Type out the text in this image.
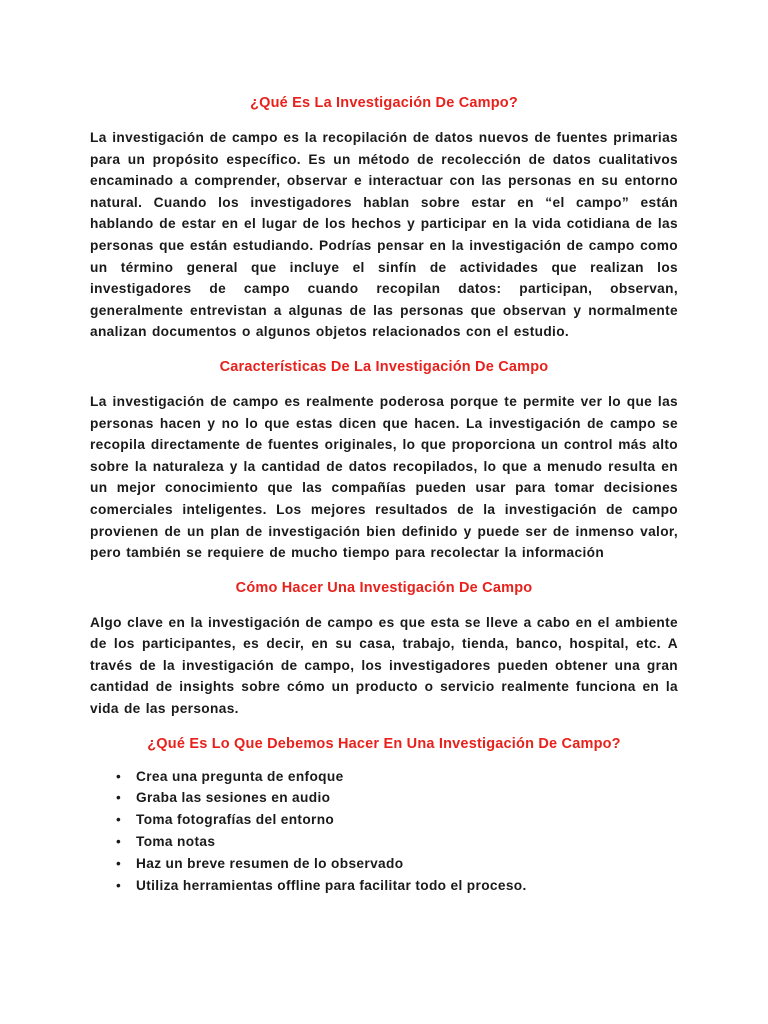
¿Qué Es La Investigación De Campo?

La investigación de campo es la recopilación de datos nuevos de fuentes primarias para un propósito específico. Es un método de recolección de datos cualitativos encaminado a comprender, observar e interactuar con las personas en su entorno natural. Cuando los investigadores hablan sobre estar en “el campo” están hablando de estar en el lugar de los hechos y participar en la vida cotidiana de las personas que están estudiando. Podrías pensar en la investigación de campo como un término general que incluye el sinfín de actividades que realizan los investigadores de campo cuando recopilan datos: participan, observan, generalmente entrevistan a algunas de las personas que observan y normalmente analizan documentos o algunos objetos relacionados con el estudio.

Características De La Investigación De Campo

La investigación de campo es realmente poderosa porque te permite ver lo que las personas hacen y no lo que estas dicen que hacen. La investigación de campo se recopila directamente de fuentes originales, lo que proporciona un control más alto sobre la naturaleza y la cantidad de datos recopilados, lo que a menudo resulta en un mejor conocimiento que las compañías pueden usar para tomar decisiones comerciales inteligentes. Los mejores resultados de la investigación de campo provienen de un plan de investigación bien definido y puede ser de inmenso valor, pero también se requiere de mucho tiempo para recolectar la información

Cómo Hacer Una Investigación De Campo

Algo clave en la investigación de campo es que esta se lleve a cabo en el ambiente de los participantes, es decir, en su casa, trabajo, tienda, banco, hospital, etc. A través de la investigación de campo, los investigadores pueden obtener una gran cantidad de insights sobre cómo un producto o servicio realmente funciona en la vida de las personas.

¿Qué Es Lo Que Debemos Hacer En Una Investigación De Campo?
• Crea una pregunta de enfoque
• Graba las sesiones en audio
• Toma fotografías del entorno
• Toma notas
• Haz un breve resumen de lo observado
• Utiliza herramientas offline para facilitar todo el proceso.
